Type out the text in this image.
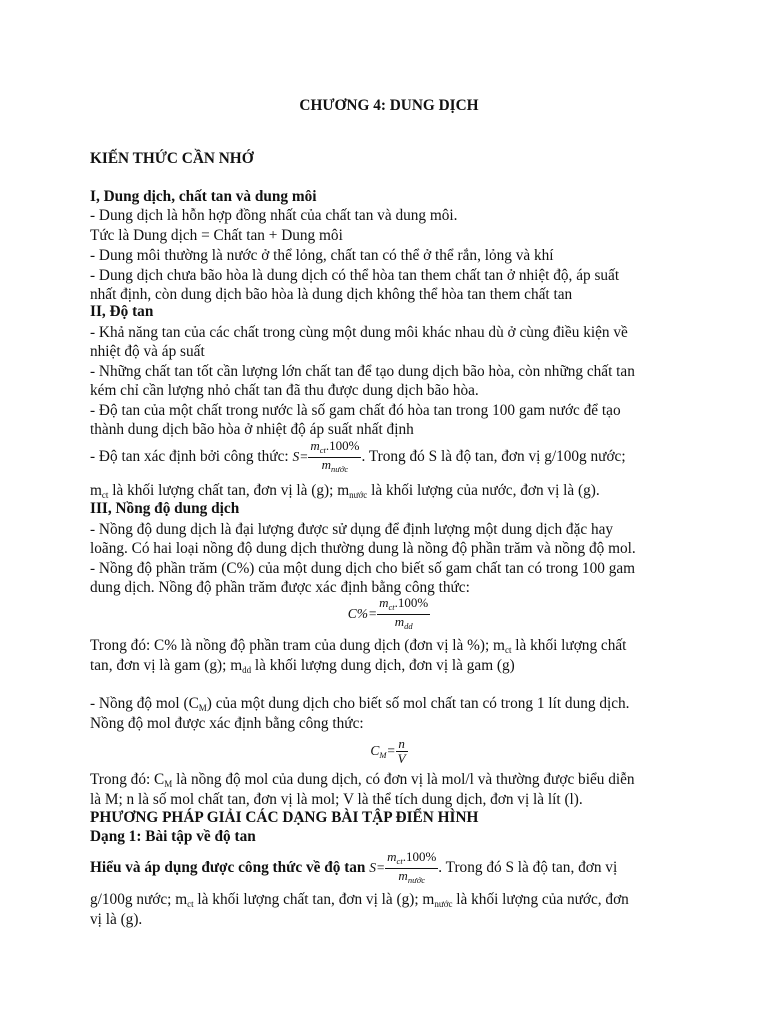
CHƯƠNG 4: DUNG DỊCH
KIẾN THỨC CẦN NHỚ
I, Dung dịch, chất tan và dung môi
- Dung dịch là hỗn hợp đồng nhất của chất tan và dung môi.
Tức là Dung dịch = Chất tan + Dung môi
- Dung môi thường là nước ở thể lỏng, chất tan có thể ở thể rắn, lỏng và khí
- Dung dịch chưa bão hòa là dung dịch có thể hòa tan them chất tan ở nhiệt độ, áp suất
nhất định, còn dung dịch bão hòa là dung dịch không thể hòa tan them chất tan
II, Độ tan
- Khả năng tan của các chất trong cùng một dung môi khác nhau dù ở cùng điều kiện về
nhiệt độ và áp suất
- Những chất tan tốt cần lượng lớn chất tan để tạo dung dịch bão hòa, còn những chất tan
kém chỉ cần lượng nhỏ chất tan đã thu được dung dịch bão hòa.
- Độ tan của một chất trong nước là số gam chất đó hòa tan trong 100 gam nước để tạo
thành dung dịch bão hòa ở nhiệt độ áp suất nhất định
- Độ tan xác định bởi công thức: $S= \frac{m_{ct}.100\%}{m_{nước}}$ . Trong đó S là độ tan, đơn vị g/100g nước;
$m_{ct}$ là khối lượng chất tan, đơn vị là (g); $m_{nước}$ là khối lượng của nước, đơn vị là (g).
III, Nồng độ dung dịch
- Nồng độ dung dịch là đại lượng được sử dụng để định lượng một dung dịch đặc hay
loãng. Có hai loại nồng độ dung dịch thường dung là nồng độ phần trăm và nồng độ mol.
- Nồng độ phần trăm (C%) của một dung dịch cho biết số gam chất tan có trong 100 gam
dung dịch. Nồng độ phần trăm được xác định bằng công thức:
$C\%= \frac{m_{ct}.100\%}{m_{dd}}$
Trong đó: C% là nồng độ phần tram của dung dịch (đơn vị là %); $m_{ct}$ là khối lượng chất
tan, đơn vị là gam (g); $m_{dd}$ là khối lượng dung dịch, đơn vị là gam (g)
- Nồng độ mol $(C_M)$ của một dung dịch cho biết số mol chất tan có trong 1 lít dung dịch.
Nồng độ mol được xác định bằng công thức:
$CM= \frac{n}{V}$
Trong đó: $C_M$ là nồng độ mol của dung dịch, có đơn vị là mol/l và thường được biểu diễn
là M; n là số mol chất tan, đơn vị là mol; V là thể tích dung dịch, đơn vị là lít (l).
PHƯƠNG PHÁP GIẢI CÁC DẠNG BÀI TẬP ĐIỂN HÌNH
Dạng 1: Bài tập về độ tan
Hiểu và áp dụng được công thức về độ $\tan S= \frac{m_{ct}.100\%}{m_{nước}}$ . Trong đó S là độ tan, đơn vị
g/100g nước; $m_{ct}$ là khối lượng chất tan, đơn vị là (g); $m_{nước}$ là khối lượng của nước, đơn
vị là (g).
